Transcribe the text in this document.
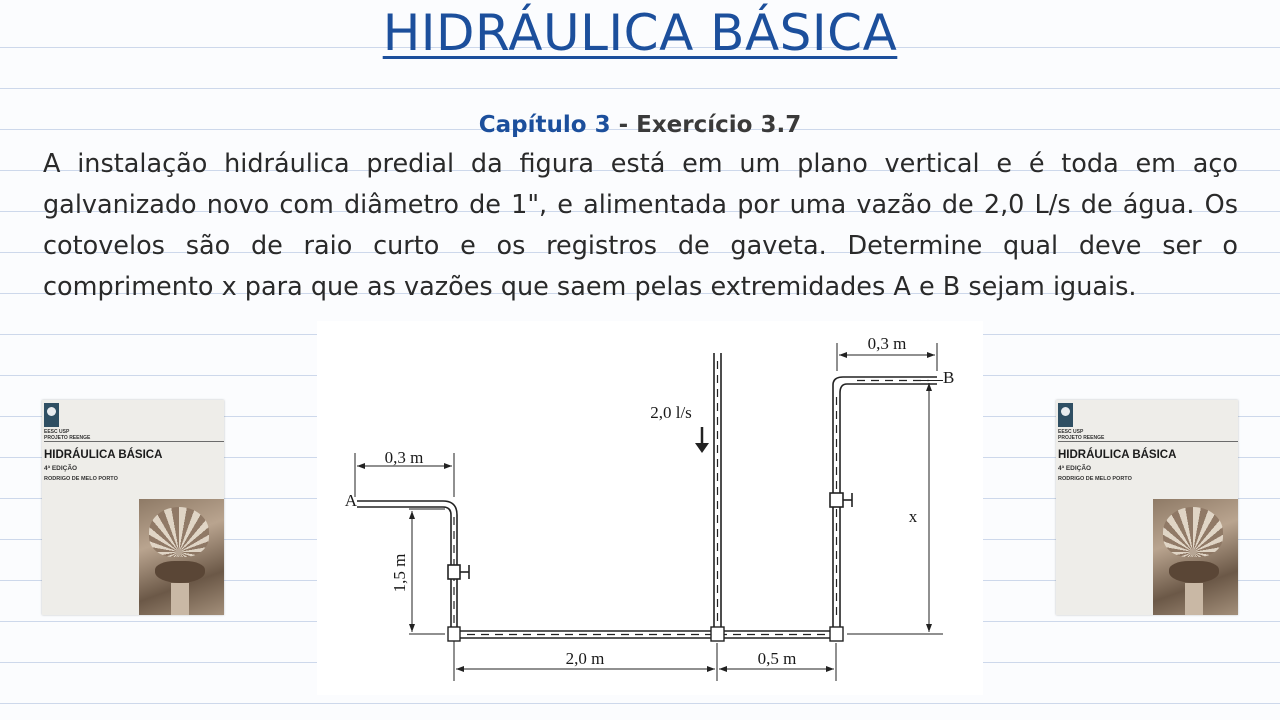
HIDRÁULICA BÁSICA
Capítulo 3 - Exercício 3.7
A instalação hidráulica predial da figura está em um plano vertical e é toda em aço galvanizado novo com diâmetro de 1", e alimentada por uma vazão de 2,0 L/s de água. Os cotovelos são de raio curto e os registros de gaveta. Determine qual deve ser o comprimento x para que as vazões que saem pelas extremidades A e B sejam iguais.
A
B
0,3 m
0,3 m
1,5 m
2,0 m	0,5 m
x
2,0 l/s
EESC USP
PROJETO REENGE
HIDRÁULICA BÁSICA
4ª EDIÇÃO
RODRIGO DE MELO PORTO
EESC USP
PROJETO REENGE
HIDRÁULICA BÁSICA
4ª EDIÇÃO
RODRIGO DE MELO PORTO
